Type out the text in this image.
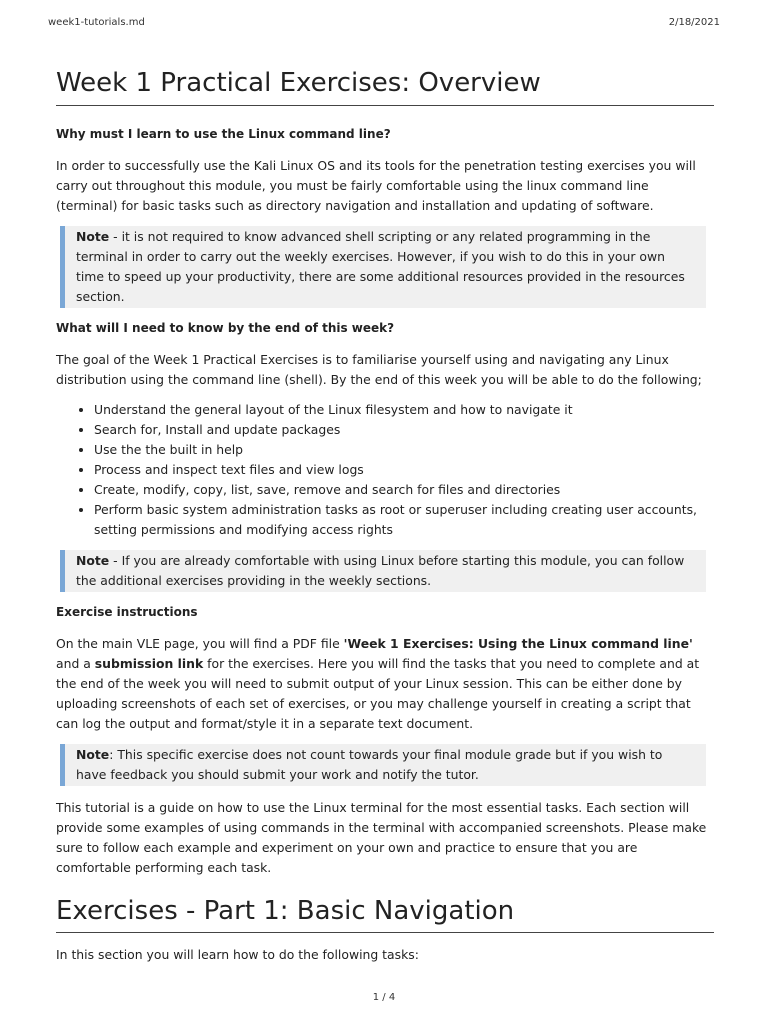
week1-tutorials.md	2/18/2021
Week 1 Practical Exercises: Overview
Why must I learn to use the Linux command line?

In order to successfully use the Kali Linux OS and its tools for the penetration testing exercises you will carry out throughout this module, you must be fairly comfortable using the linux command line (terminal) for basic tasks such as directory navigation and installation and updating of software.

Note - it is not required to know advanced shell scripting or any related programming in the terminal in order to carry out the weekly exercises. However, if you wish to do this in your own time to speed up your productivity, there are some additional resources provided in the resources section.
What will I need to know by the end of this week?

The goal of the Week 1 Practical Exercises is to familiarise yourself using and navigating any Linux distribution using the command line (shell). By the end of this week you will be able to do the following;

• Understand the general layout of the Linux filesystem and how to navigate it
• Search for, Install and update packages
• Use the the built in help
• Process and inspect text files and view logs
• Create, modify, copy, list, save, remove and search for files and directories
• Perform basic system administration tasks as root or superuser including creating user accounts, setting permissions and modifying access rights
Note - If you are already comfortable with using Linux before starting this module, you can follow the additional exercises providing in the weekly sections.
Exercise instructions

On the main VLE page, you will find a PDF file 'Week 1 Exercises: Using the Linux command line' and a submission link for the exercises. Here you will find the tasks that you need to complete and at the end of the week you will need to submit output of your Linux session. This can be either done by uploading screenshots of each set of exercises, or you may challenge yourself in creating a script that can log the output and format/style it in a separate text document.

Note: This specific exercise does not count towards your final module grade but if you wish to have feedback you should submit your work and notify the tutor.

This tutorial is a guide on how to use the Linux terminal for the most essential tasks. Each section will provide some examples of using commands in the terminal with accompanied screenshots. Please make sure to follow each example and experiment on your own and practice to ensure that you are comfortable performing each task.

Exercises - Part 1: Basic Navigation

In this section you will learn how to do the following tasks:

1 / 4
